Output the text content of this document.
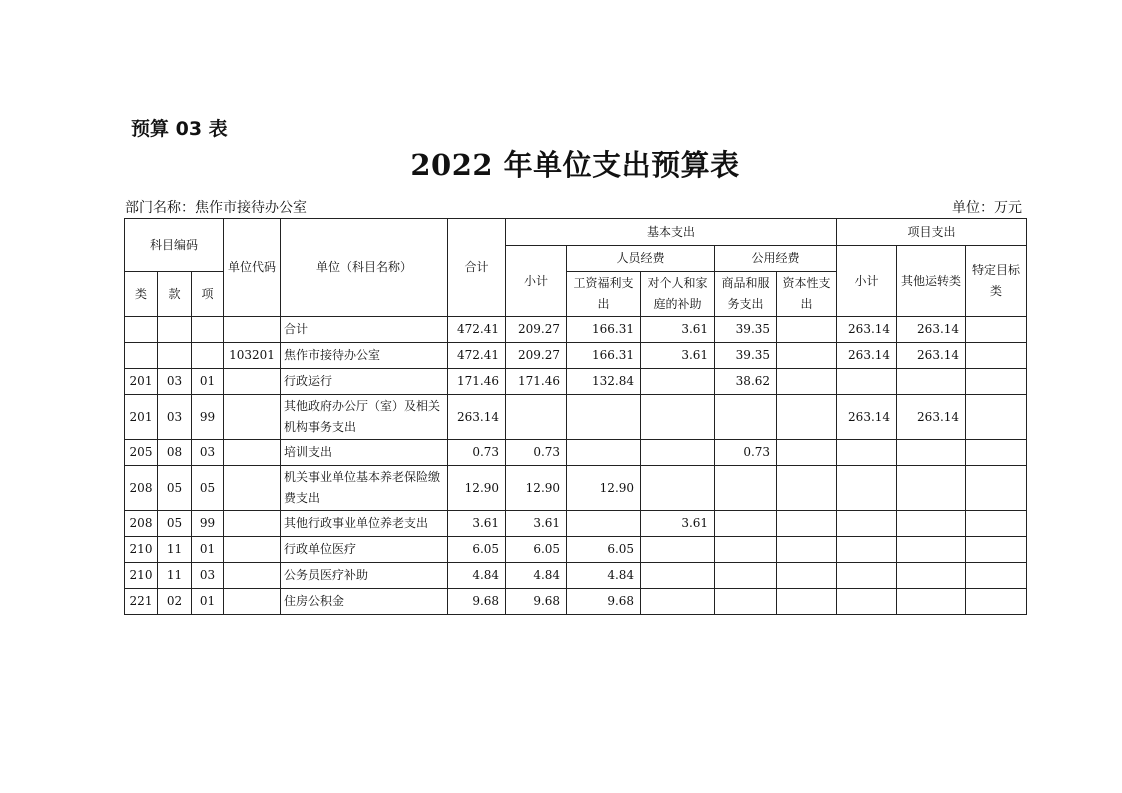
预算 03 表
2022 年单位支出预算表
部门名称：焦作市接待办公室	单位：万元
科目编码			单位代码	单位（科目名称）	合计	基本支出					项目支出		
						小计	人员经费		公用经费		小计	其他运转类	特定目标类
类	款	项					工资福利支出	对个人和家庭的补助	商品和服务支出	资本性支出			
				合计	472.41	209.27	166.31	3.61	39.35		263.14	263.14	
			103201	焦作市接待办公室	472.41	209.27	166.31	3.61	39.35		263.14	263.14	
201	03	01		行政运行	171.46	171.46	132.84		38.62				
201	03	99		其他政府办公厅（室）及相关机构事务支出	263.14						263.14	263.14	
205	08	03		培训支出	0.73	0.73			0.73				
208	05	05		机关事业单位基本养老保险缴费支出	12.90	12.90	12.90						
208	05	99		其他行政事业单位养老支出	3.61	3.61		3.61					
210	11	01		行政单位医疗	6.05	6.05	6.05						
210	11	03		公务员医疗补助	4.84	4.84	4.84						
221	02	01		住房公积金	9.68	9.68	9.68						
